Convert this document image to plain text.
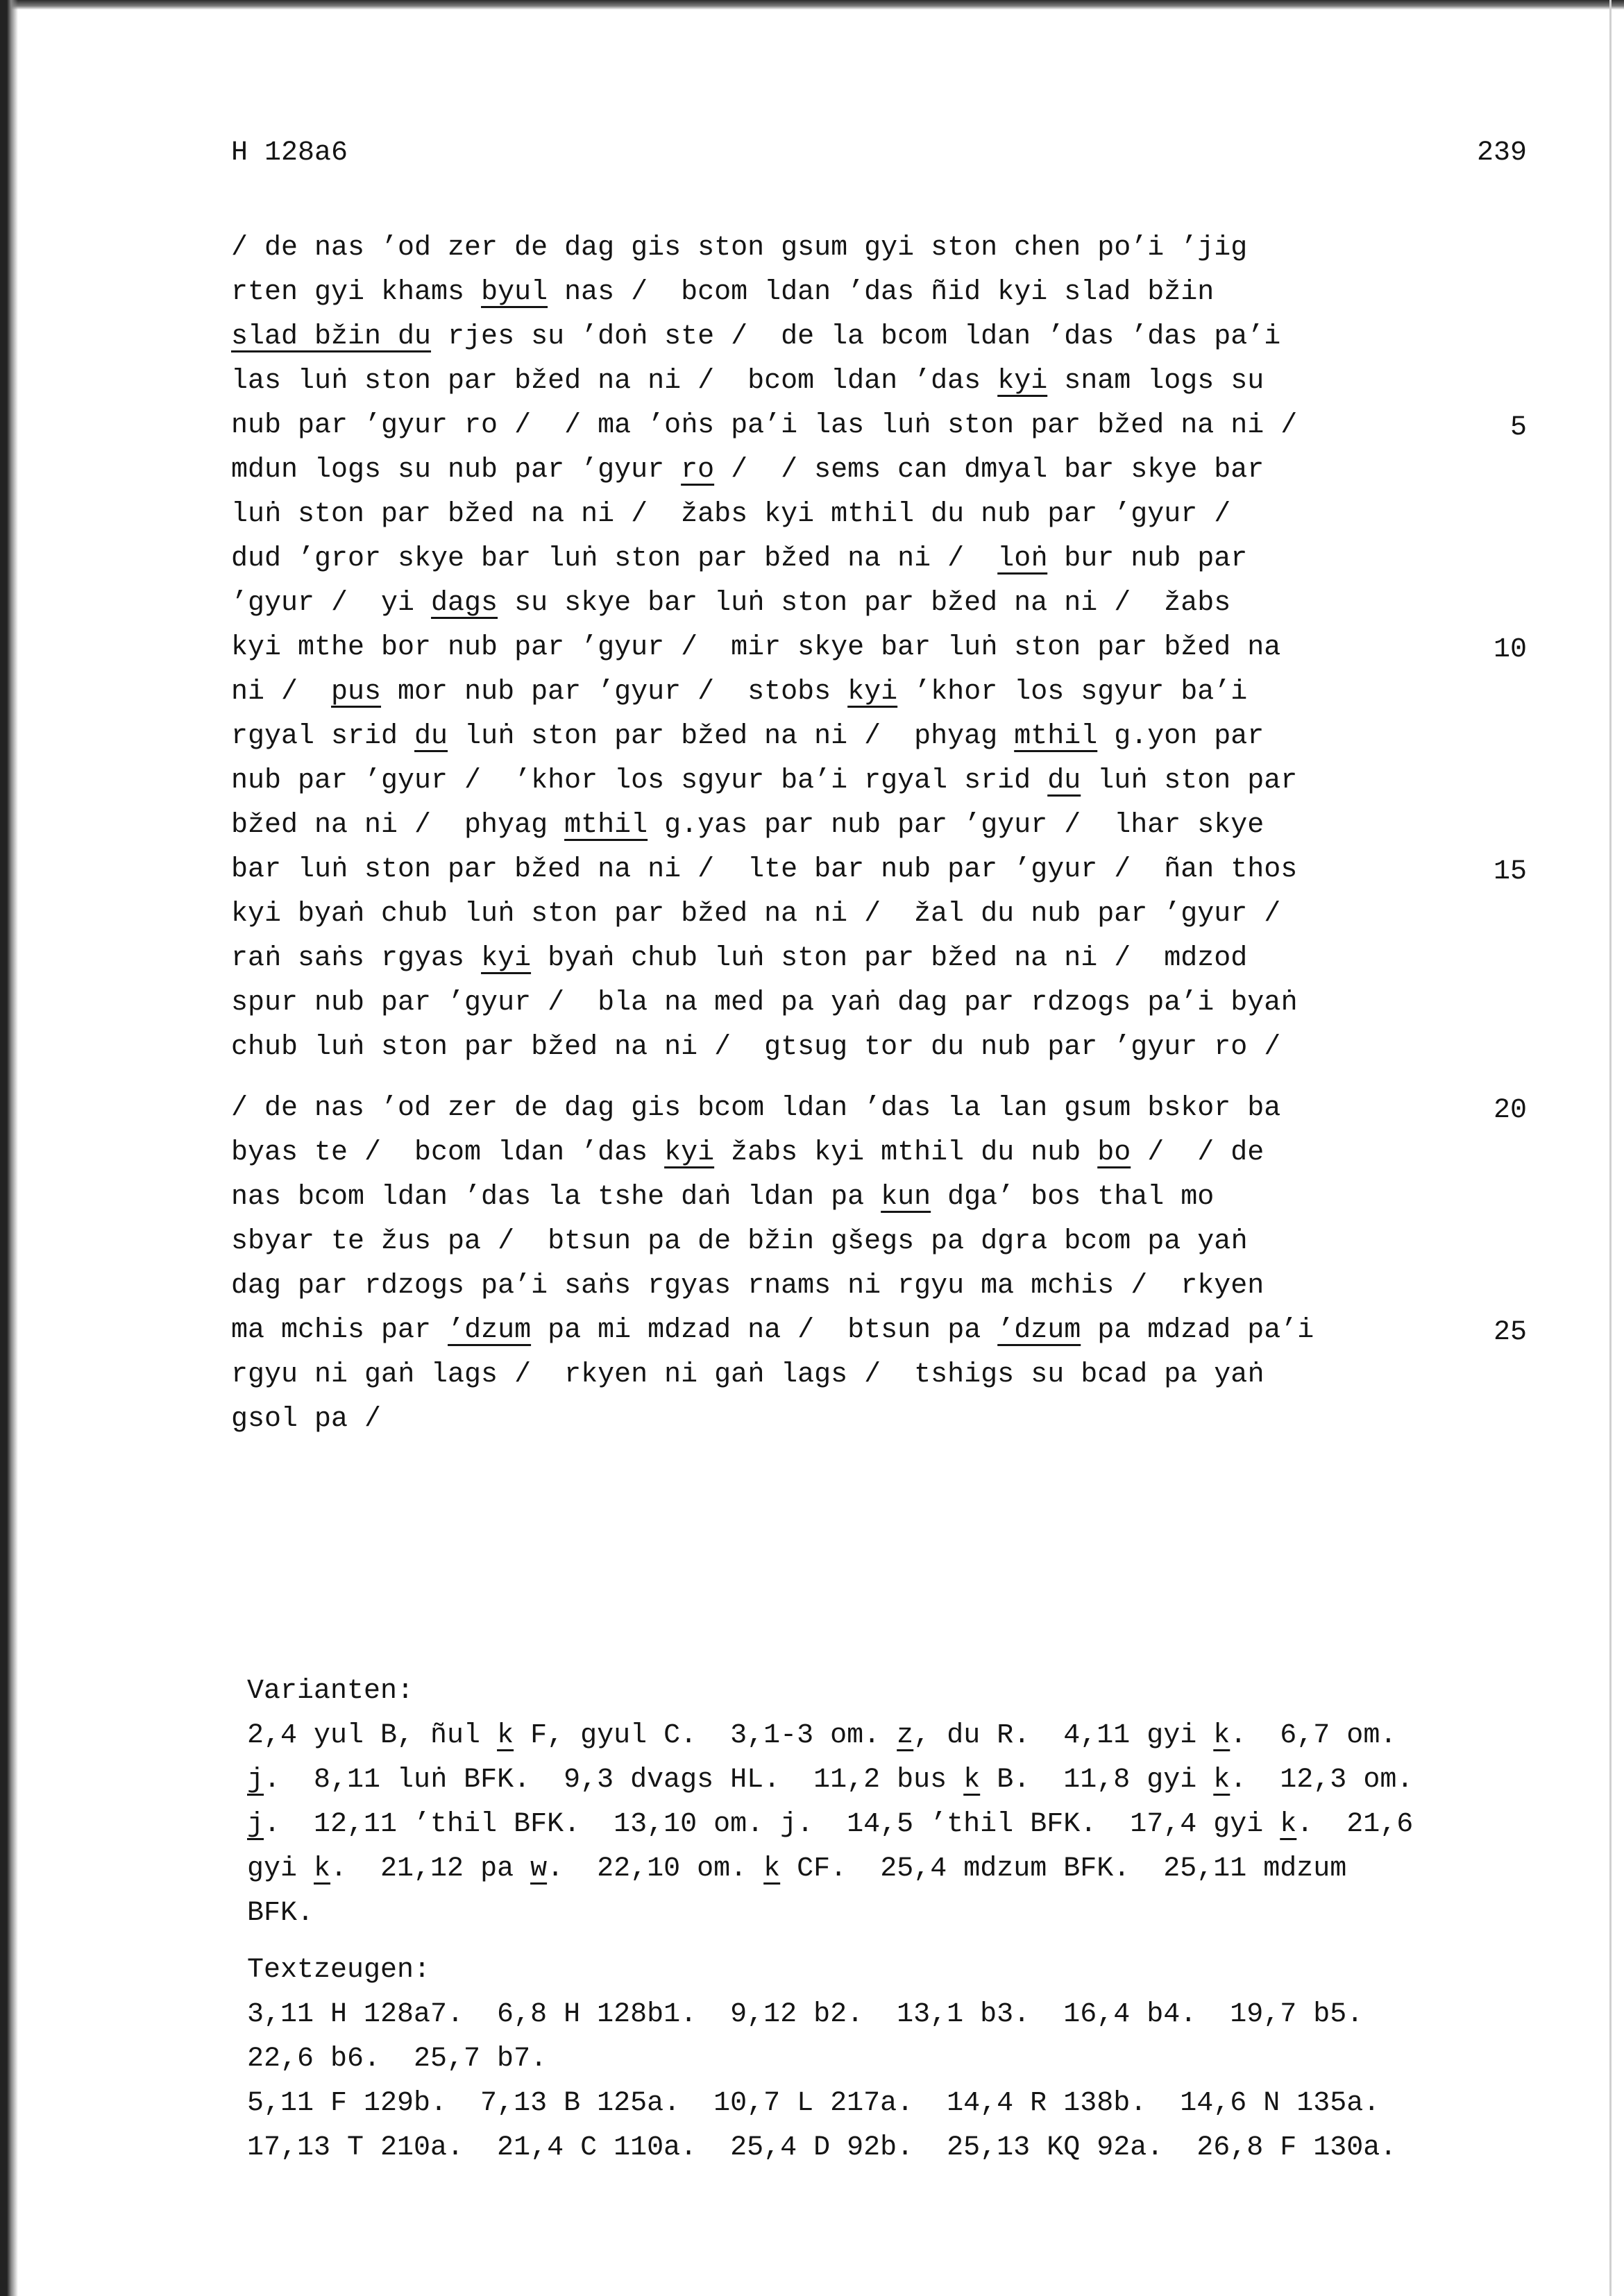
H 128a6	239
/ de nas ’od zer de dag gis ston gsum gyi ston chen po’i ’jig
rten gyi khams byul nas /  bcom ldan ’das ñid kyi slad bžin
slad bžin du rjes su ’doṅ ste /  de la bcom ldan ’das ’das pa’i
las luṅ ston par bžed na ni /  bcom ldan ’das kyi snam logs su
nub par ’gyur ro /  / ma ’oṅs pa’i las luṅ ston par bžed na ni /	5
mdun logs su nub par ’gyur ro /  / sems can dmyal bar skye bar
luṅ ston par bžed na ni /  žabs kyi mthil du nub par ’gyur /
dud ’gror skye bar luṅ ston par bžed na ni /  loṅ bur nub par
’gyur /  yi dags su skye bar luṅ ston par bžed na ni /  žabs
kyi mthe bor nub par ’gyur /  mir skye bar luṅ ston par bžed na	10
ni /  pus mor nub par ’gyur /  stobs kyi ’khor los sgyur ba’i
rgyal srid du luṅ ston par bžed na ni /  phyag mthil g.yon par
nub par ’gyur /  ’khor los sgyur ba’i rgyal srid du luṅ ston par
bžed na ni /  phyag mthil g.yas par nub par ’gyur /  lhar skye
bar luṅ ston par bžed na ni /  lte bar nub par ’gyur /  ñan thos	15
kyi byaṅ chub luṅ ston par bžed na ni /  žal du nub par ’gyur /
raṅ saṅs rgyas kyi byaṅ chub luṅ ston par bžed na ni /  mdzod
spur nub par ’gyur /  bla na med pa yaṅ dag par rdzogs pa’i byaṅ
chub luṅ ston par bžed na ni /  gtsug tor du nub par ’gyur ro /
/ de nas ’od zer de dag gis bcom ldan ’das la lan gsum bskor ba	20
byas te /  bcom ldan ’das kyi žabs kyi mthil du nub bo /  / de
nas bcom ldan ’das la tshe daṅ ldan pa kun dga’ bos thal mo
sbyar te žus pa /  btsun pa de bžin gšegs pa dgra bcom pa yaṅ
dag par rdzogs pa’i saṅs rgyas rnams ni rgyu ma mchis /  rkyen
ma mchis par ’dzum pa mi mdzad na /  btsun pa ’dzum pa mdzad pa’i	25
rgyu ni gaṅ lags /  rkyen ni gaṅ lags /  tshigs su bcad pa yaṅ
gsol pa /
Varianten:
2,4 yul B, ñul k F, gyul C.  3,1-3 om. z, du R.  4,11 gyi k.  6,7 om.
j.  8,11 luṅ BFK.  9,3 dvags HL.  11,2 bus k B.  11,8 gyi k.  12,3 om.
j.  12,11 ’thil BFK.  13,10 om. j.  14,5 ’thil BFK.  17,4 gyi k.  21,6
gyi k.  21,12 pa w.  22,10 om. k CF.  25,4 mdzum BFK.  25,11 mdzum
BFK.
Textzeugen:
3,11 H 128a7.  6,8 H 128b1.  9,12 b2.  13,1 b3.  16,4 b4.  19,7 b5.
22,6 b6.  25,7 b7.
5,11 F 129b.  7,13 B 125a.  10,7 L 217a.  14,4 R 138b.  14,6 N 135a.
17,13 T 210a.  21,4 C 110a.  25,4 D 92b.  25,13 KQ 92a.  26,8 F 130a.
